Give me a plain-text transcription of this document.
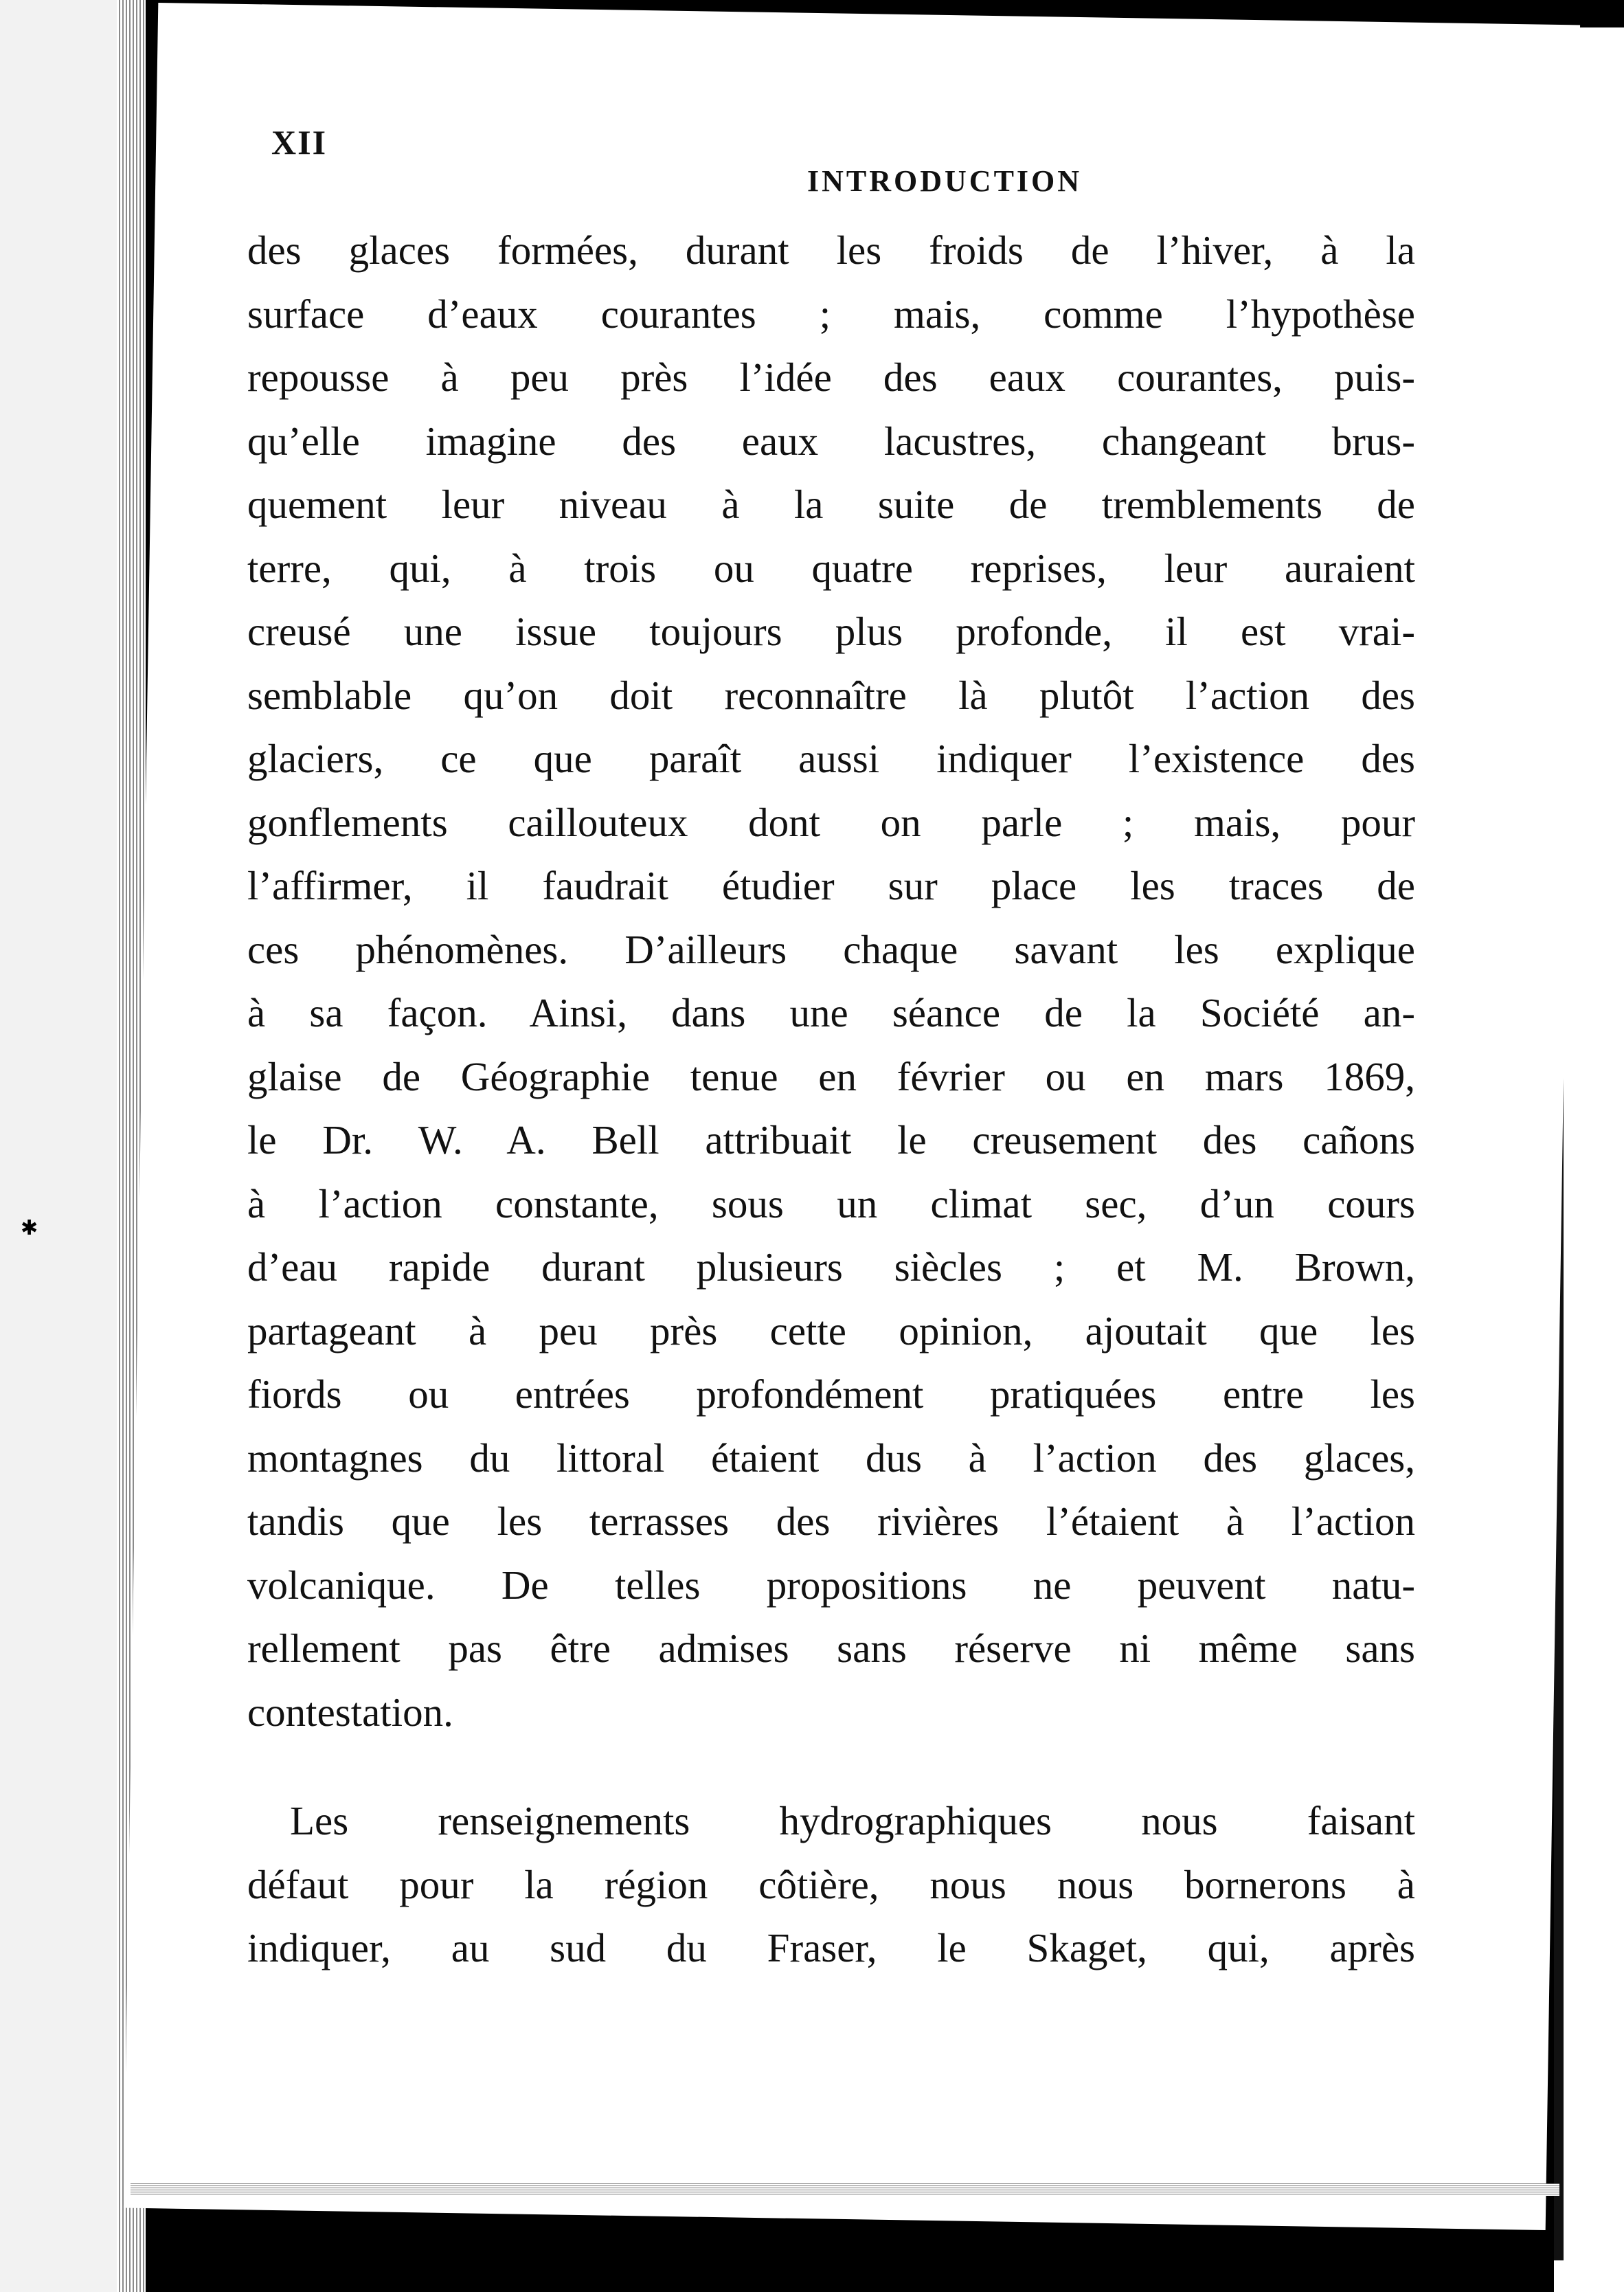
✱
XII
INTRODUCTION
des glaces formées, durant les froids de l’hiver, à la
surface d’eaux courantes ; mais, comme l’hypothèse
repousse à peu près l’idée des eaux courantes, puis-
qu’elle imagine des eaux lacustres, changeant brus-
quement leur niveau à la suite de tremblements de
terre, qui, à trois ou quatre reprises, leur auraient
creusé une issue toujours plus profonde, il est vrai-
semblable qu’on doit reconnaître là plutôt l’action des
glaciers, ce que paraît aussi indiquer l’existence des
gonflements caillouteux dont on parle ; mais, pour
l’affirmer, il faudrait étudier sur place les traces de
ces phénomènes. D’ailleurs chaque savant les explique
à sa façon. Ainsi, dans une séance de la Société an-
glaise de Géographie tenue en février ou en mars 1869,
le Dr. W. A. Bell attribuait le creusement des cañons
à l’action constante, sous un climat sec, d’un cours
d’eau rapide durant plusieurs siècles ; et M. Brown,
partageant à peu près cette opinion, ajoutait que les
fiords ou entrées profondément pratiquées entre les
montagnes du littoral étaient dus à l’action des glaces,
tandis que les terrasses des rivières l’étaient à l’action
volcanique. De telles propositions ne peuvent natu-
rellement pas être admises sans réserve ni même sans
contestation.
Les renseignements hydrographiques nous faisant
défaut pour la région côtière, nous nous bornerons à
indiquer, au sud du Fraser, le Skaget, qui, après
